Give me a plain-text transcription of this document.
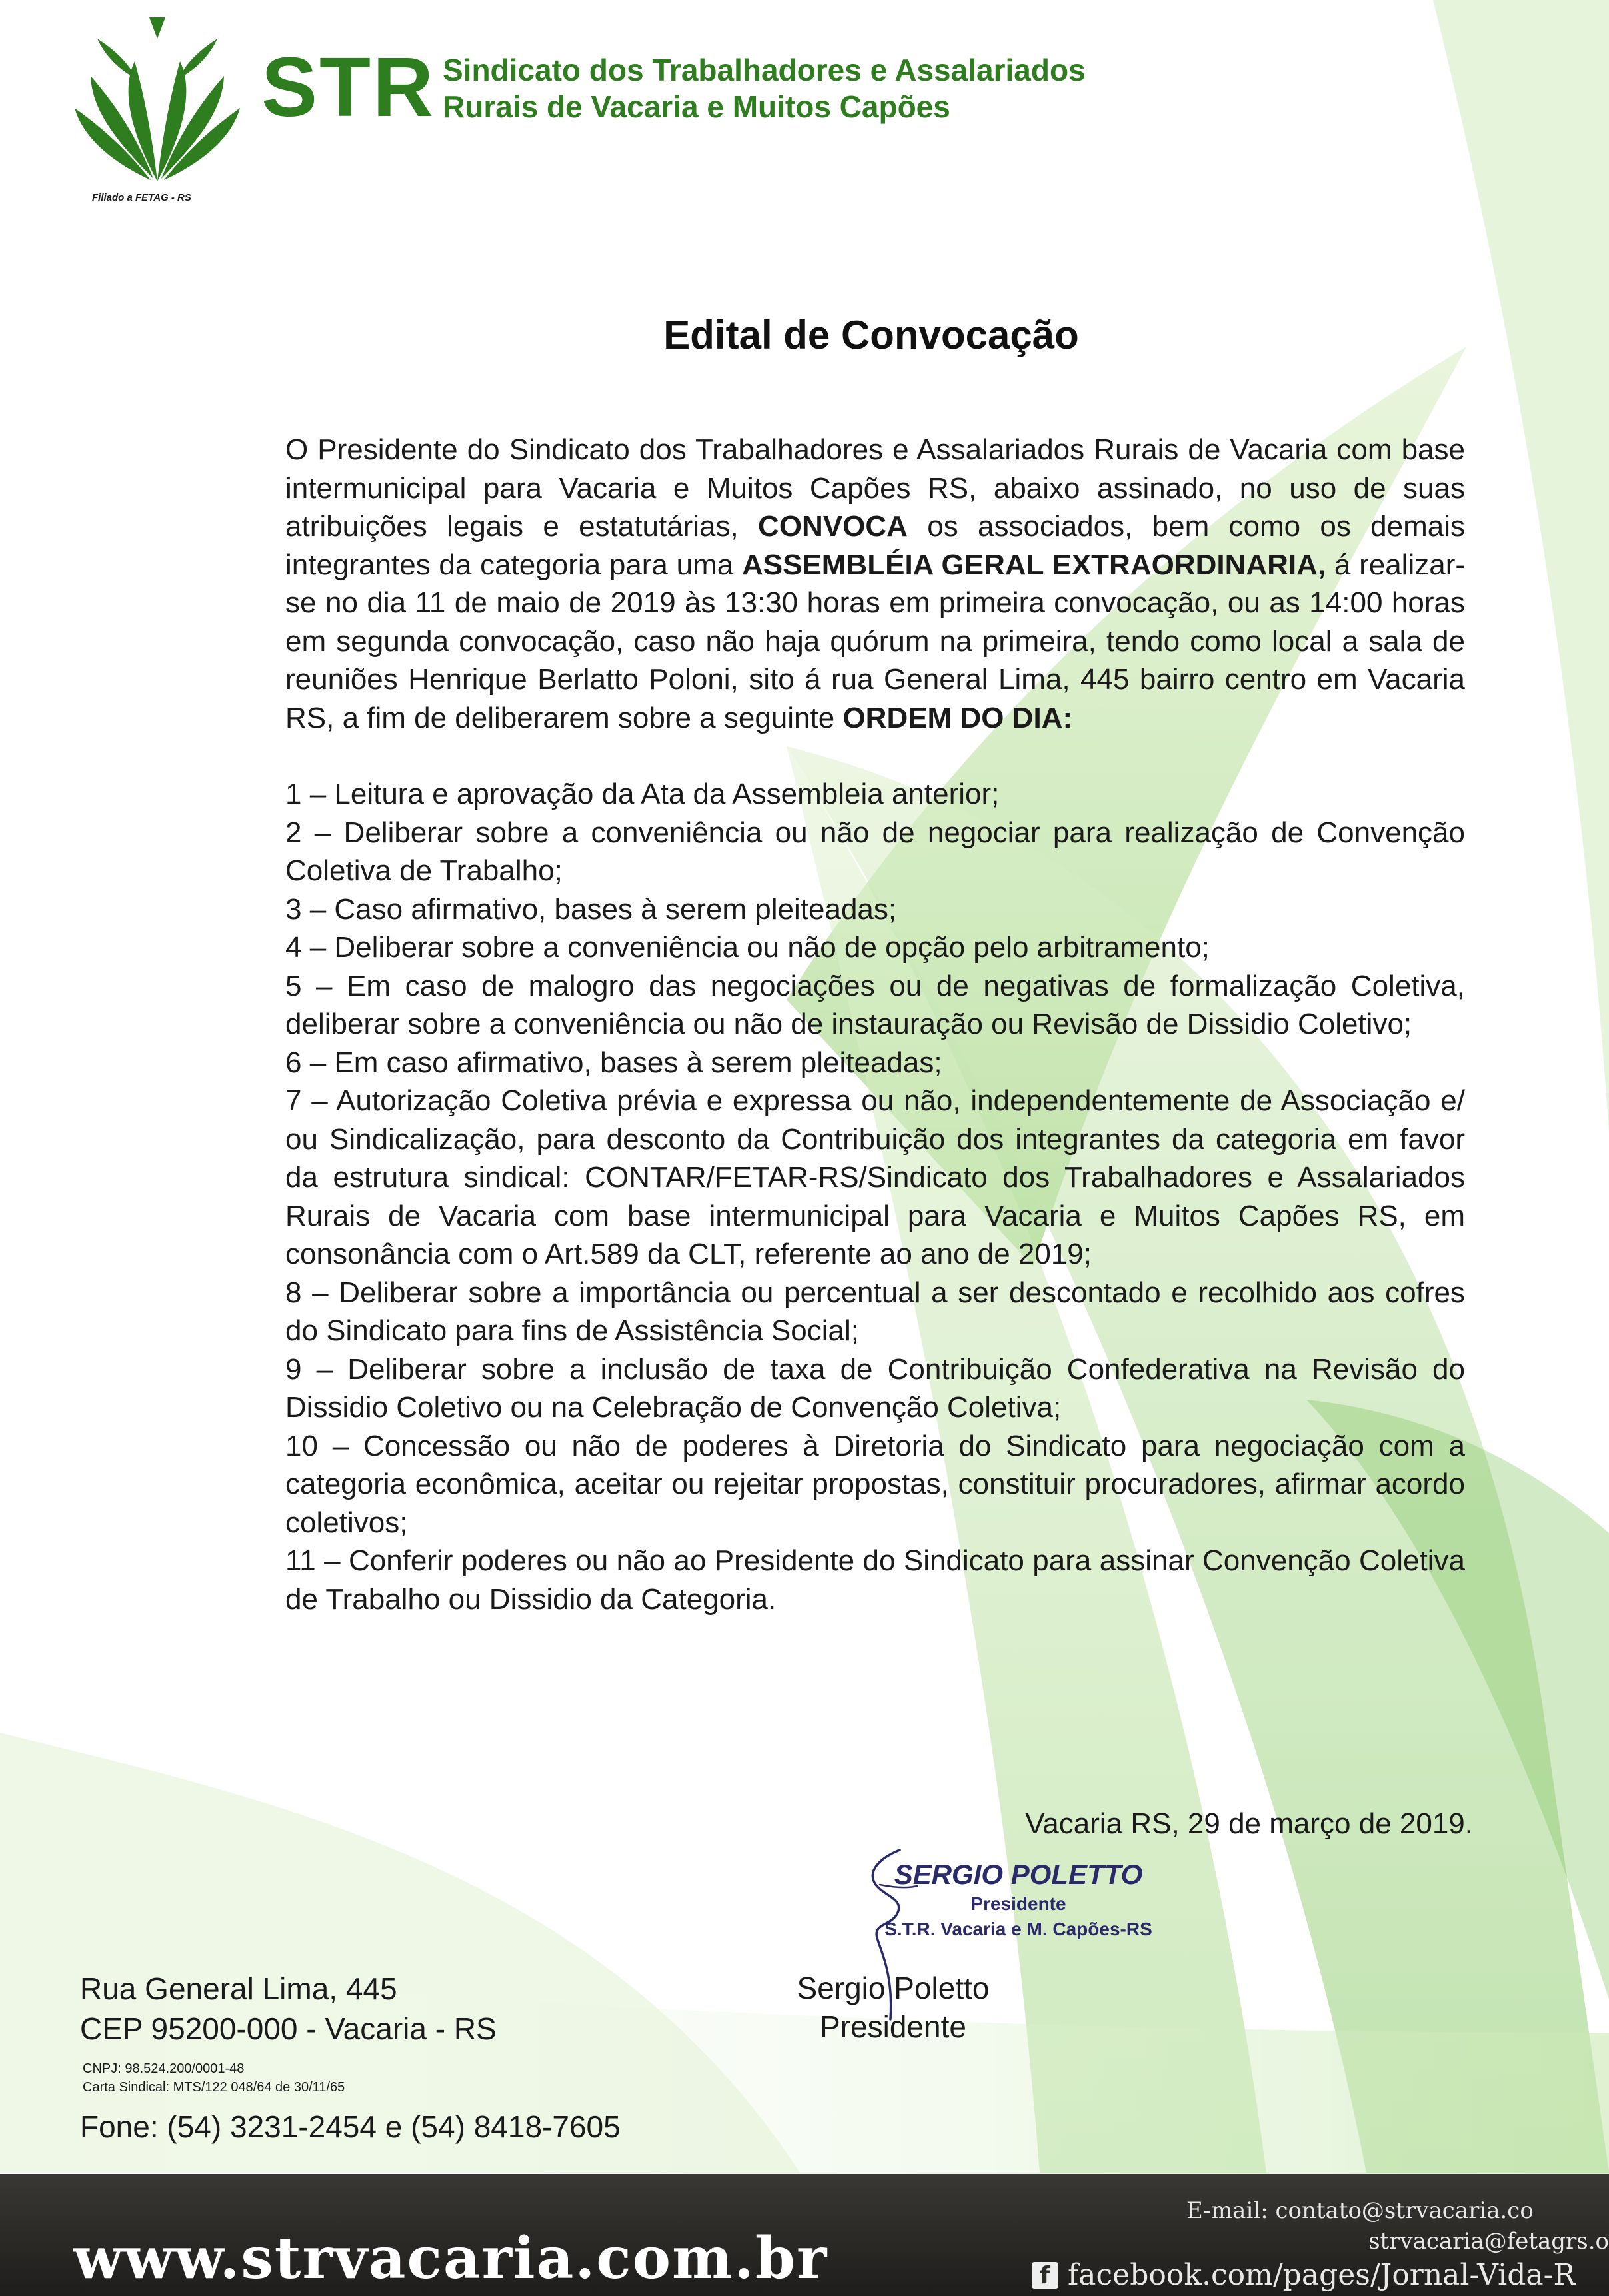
STR Sindicato dos Trabalhadores e Assalariados
Rurais de Vacaria e Muitos Capões
Filiado a FETAG - RS
Edital de Convocação

O Presidente do Sindicato dos Trabalhadores e Assalariados Rurais de Vacaria com base intermunicipal para Vacaria e Muitos Capões RS, abaixo assinado, no uso de suas atribuições legais e estatutárias, CONVOCA os associados, bem como os demais integrantes da categoria para uma ASSEMBLÉIA GERAL EXTRAORDINARIA, á realizar-se no dia 11 de maio de 2019 às 13:30 horas em primeira convocação, ou as 14:00 horas em segunda convocação, caso não haja quórum na primeira, tendo como local a sala de reuniões Henrique Berlatto Poloni, sito á rua General Lima, 445 bairro centro em Vacaria RS, a fim de deliberarem sobre a seguinte ORDEM DO DIA:

1 – Leitura e aprovação da Ata da Assembleia anterior;
2 – Deliberar sobre a conveniência ou não de negociar para realização de Convenção Coletiva de Trabalho;
3 – Caso afirmativo, bases à serem pleiteadas;
4 – Deliberar sobre a conveniência ou não de opção pelo arbitramento;
5 – Em caso de malogro das negociações ou de negativas de formalização Coletiva, deliberar sobre a conveniência ou não de instauração ou Revisão de Dissidio Coletivo;
6 – Em caso afirmativo, bases à serem pleiteadas;
7 – Autorização Coletiva prévia e expressa ou não, independentemente de Associação e/ ou Sindicalização, para desconto da Contribuição dos integrantes da categoria em favor da estrutura sindical: CONTAR/FETAR-RS/Sindicato dos Trabalhadores e Assalariados Rurais de Vacaria com base intermunicipal para Vacaria e Muitos Capões RS, em consonância com o Art.589 da CLT, referente ao ano de 2019;
8 – Deliberar sobre a importância ou percentual a ser descontado e recolhido aos cofres do Sindicato para fins de Assistência Social;
9 – Deliberar sobre a inclusão de taxa de Contribuição Confederativa na Revisão do Dissidio Coletivo ou na Celebração de Convenção Coletiva;
10 – Concessão ou não de poderes à Diretoria do Sindicato para negociação com a categoria econômica, aceitar ou rejeitar propostas, constituir procuradores, afirmar acordo coletivos;
11 – Conferir poderes ou não ao Presidente do Sindicato para assinar Convenção Coletiva de Trabalho ou Dissidio da Categoria.
Vacaria RS, 29 de março de 2019.
SERGIO POLETTO
Presidente
S.T.R. Vacaria e M. Capões-RS
Sergio Poletto
Presidente
Rua General Lima, 445
CEP 95200-000 - Vacaria - RS
CNPJ: 98.524.200/0001-48
Carta Sindical: MTS/122 048/64 de 30/11/65
Fone: (54) 3231-2454 e (54) 8418-7605
www.strvacaria.com.br
E-mail: contato@strvacaria.co
strvacaria@fetagrs.o
f facebook.com/pages/Jornal-Vida-R
